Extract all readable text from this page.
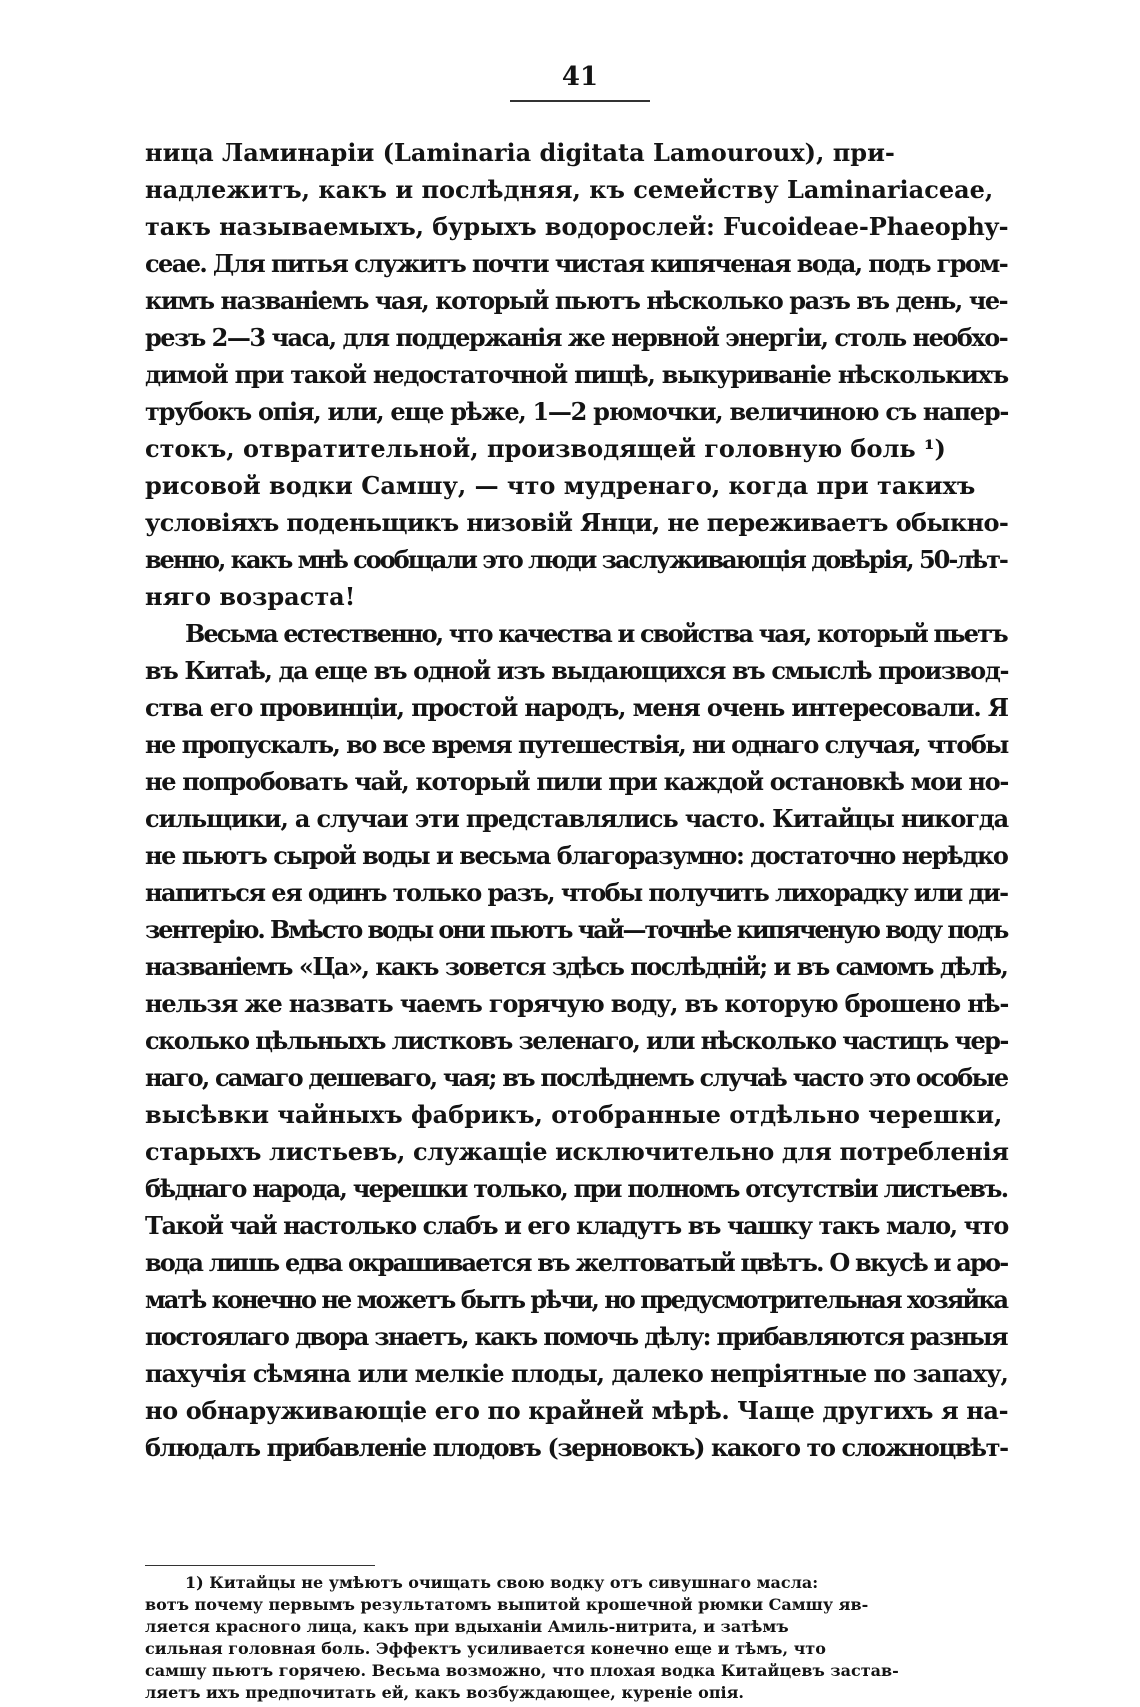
41
ница Ламинаріи (Laminaria digitata Lamouroux), при-
надлежитъ, какъ и послѣдняя, къ семейству Laminariaceae,
такъ называемыхъ, бурыхъ водорослей: Fucoideae-Phaeophy-
ceae. Для питья служитъ почти чистая кипяченая вода, подъ гром-
кимъ названіемъ чая, который пьютъ нѣсколько разъ въ день, че-
резъ 2—3 часа, для поддержанія же нервной энергіи, столь необхо-
димой при такой недостаточной пищѣ, выкуриваніе нѣсколькихъ
трубокъ опія, или, еще рѣже, 1—2 рюмочки, величиною съ напер-
стокъ, отвратительной, производящей головную боль ¹)
рисовой водки Самшу, — что мудренаго, когда при такихъ
условіяхъ поденьщикъ низовій Янци, не переживаетъ обыкно-
венно, какъ мнѣ сообщали это люди заслуживающія довѣрія, 50-лѣт-
няго возраста!
Весьма естественно, что качества и свойства чая, который пьетъ
въ Китаѣ, да еще въ одной изъ выдающихся въ смыслѣ производ-
ства его провинціи, простой народъ, меня очень интересовали. Я
не пропускалъ, во все время путешествія, ни однаго случая, чтобы
не попробовать чай, который пили при каждой остановкѣ мои но-
сильщики, а случаи эти представлялись часто. Китайцы никогда
не пьютъ сырой воды и весьма благоразумно: достаточно нерѣдко
напиться ея одинъ только разъ, чтобы получить лихорадку или ди-
зентерію. Вмѣсто воды они пьютъ чай—точнѣе кипяченую воду подъ
названіемъ «Ца», какъ зовется здѣсь послѣдній; и въ самомъ дѣлѣ,
нельзя же назвать чаемъ горячую воду, въ которую брошено нѣ-
сколько цѣльныхъ листковъ зеленаго, или нѣсколько частицъ чер-
наго, самаго дешеваго, чая; въ послѣднемъ случаѣ часто это особые
высѣвки чайныхъ фабрикъ, отобранные отдѣльно черешки,
старыхъ листьевъ, служащіе исключительно для потребленія
бѣднаго народа, черешки только, при полномъ отсутствіи листьевъ.
Такой чай настолько слабъ и его кладутъ въ чашку такъ мало, что
вода лишь едва окрашивается въ желтоватый цвѣтъ. О вкусѣ и аро-
матѣ конечно не можетъ быть рѣчи, но предусмотрительная хозяйка
постоялаго двора знаетъ, какъ помочь дѣлу: прибавляются разныя
пахучія сѣмяна или мелкіе плоды, далеко непріятные по запаху,
но обнаруживающіе его по крайней мѣрѣ. Чаще другихъ я на-
блюдалъ прибавленіе плодовъ (зерновокъ) какого то сложноцвѣт-
1) Китайцы не умѣютъ очищать свою водку отъ сивушнаго масла:
вотъ почему первымъ результатомъ выпитой крошечной рюмки Самшу яв-
ляется красного лица, какъ при вдыханіи Амиль-нитрита, и затѣмъ
сильная головная боль. Эффектъ усиливается конечно еще и тѣмъ, что
самшу пьютъ горячею. Весьма возможно, что плохая водка Китайцевъ застав-
ляетъ ихъ предпочитать ей, какъ возбуждающее, куреніе опія.
